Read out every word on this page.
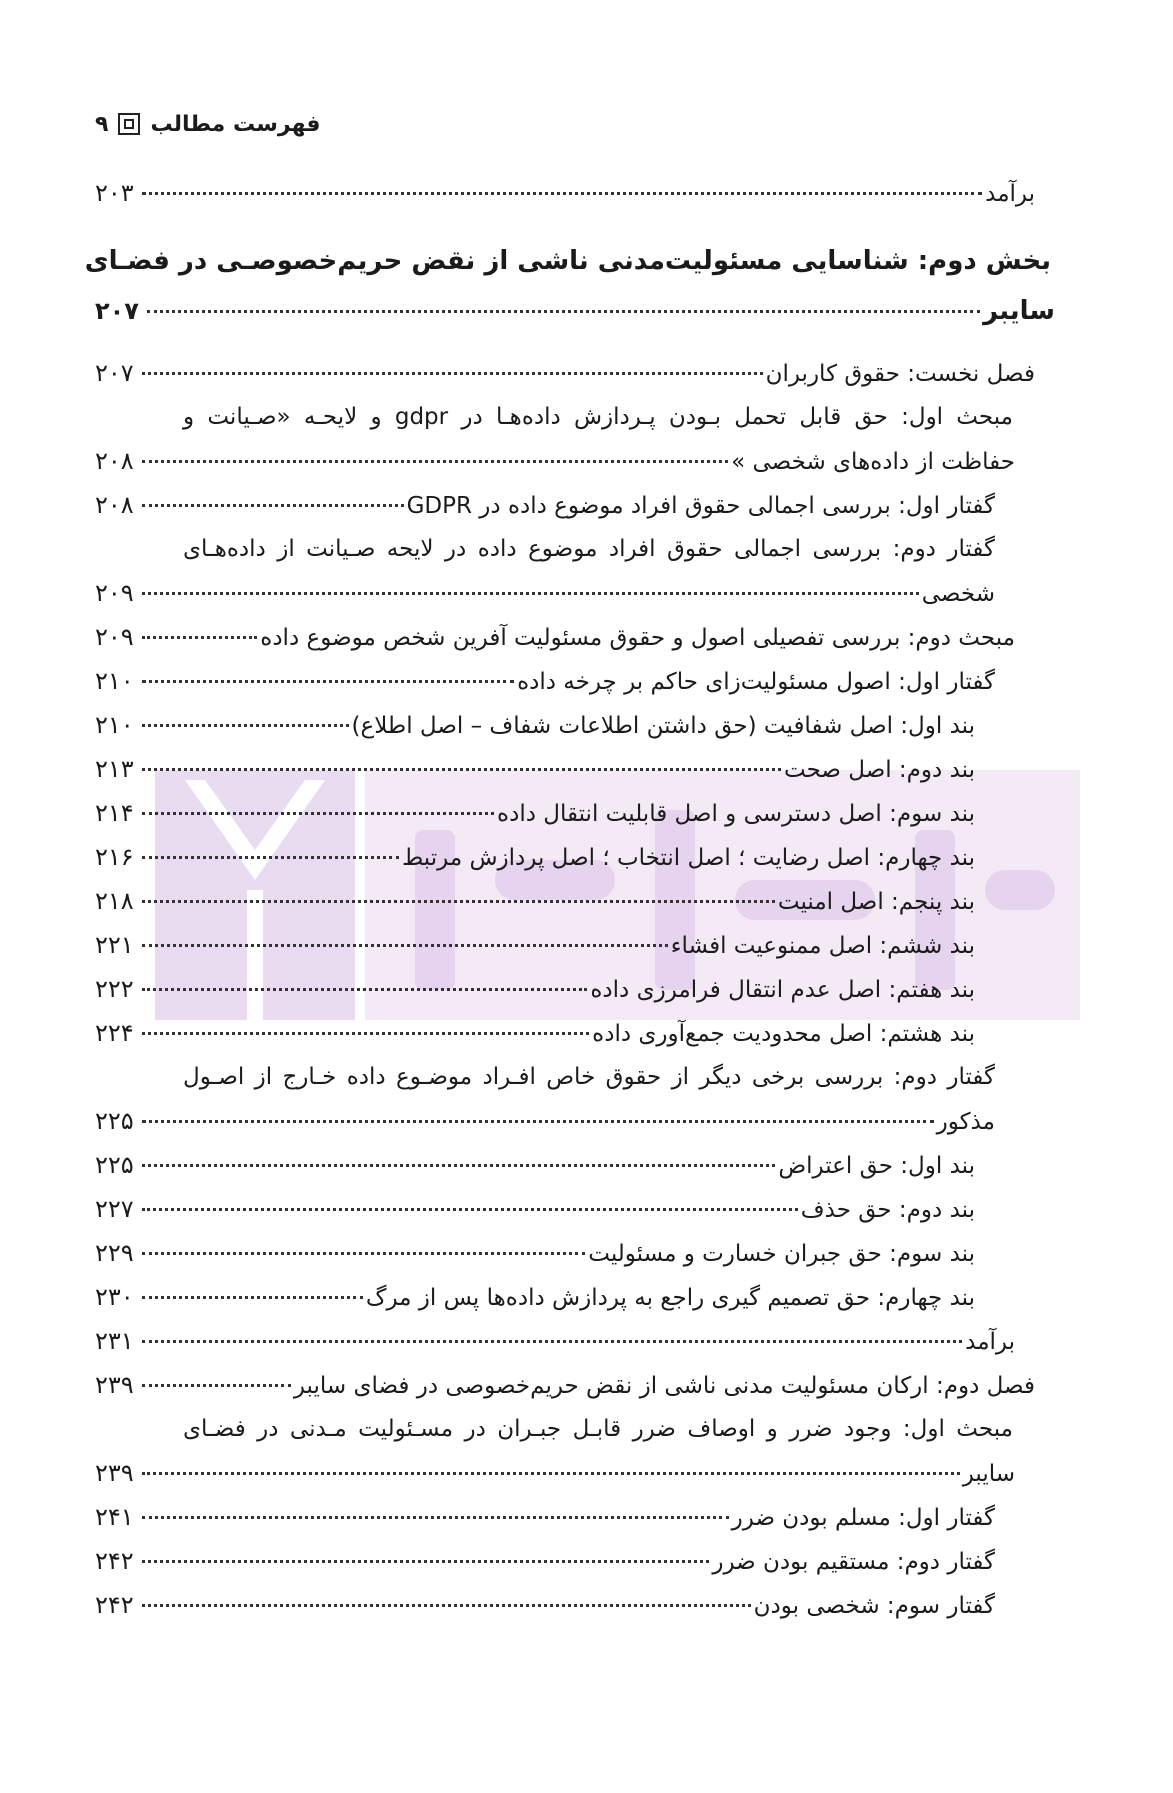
۹ فهرست مطالب
۲۰۳	برآمد
بخش دوم: شناسایی مسئولیت‌مدنی ناشی از نقض حریم‌خصوصـی در فضـای
۲۰۷	سایبر
۲۰۷	فصل نخست: حقوق کاربران
مبحث اول: حق قابل تحمل بـودن پـردازش داده‌هـا در gdpr و لایحـه «صـیانت و
۲۰۸	حفاظت از داده‌های شخصی »
۲۰۸	گفتار اول: بررسی اجمالی حقوق افراد موضوع داده در GDPR
گفتار دوم: بررسی اجمالی حقوق افراد موضوع داده در لایحه صـیانت از داده‌هـای
۲۰۹	شخصی
۲۰۹	مبحث دوم: بررسی تفصیلی اصول و حقوق مسئولیت آفرین شخص موضوع داده
۲۱۰	گفتار اول: اصول مسئولیت‌زای حاکم بر چرخه داده
۲۱۰	بند اول: اصل شفافیت (حق داشتن اطلاعات شفاف – اصل اطلاع)
۲۱۳	بند دوم: اصل صحت
۲۱۴	بند سوم: اصل دسترسی و اصل قابلیت انتقال داده
۲۱۶	بند چهارم: اصل رضایت ؛ اصل انتخاب ؛ اصل پردازش مرتبط
۲۱۸	بند پنجم: اصل امنیت
۲۲۱	بند ششم: اصل ممنوعیت افشاء
۲۲۲	بند هفتم: اصل عدم انتقال فرامرزی داده
۲۲۴	بند هشتم: اصل محدودیت جمع‌آوری داده
گفتار دوم: بررسی برخی دیگر از حقوق خاص افـراد موضـوع داده خـارج از اصـول
۲۲۵	مذکور
۲۲۵	بند اول: حق اعتراض
۲۲۷	بند دوم: حق حذف
۲۲۹	بند سوم: حق جبران خسارت و مسئولیت
۲۳۰	بند چهارم: حق تصمیم گیری راجع به پردازش داده‌ها پس از مرگ
۲۳۱	برآمد
۲۳۹	فصل دوم: ارکان مسئولیت مدنی ناشی از نقض حریم‌خصوصی در فضای سایبر
مبحث اول: وجود ضرر و اوصاف ضرر قابـل جبـران در مسـئولیت مـدنی در فضـای
۲۳۹	سایبر
۲۴۱	گفتار اول: مسلم بودن ضرر
۲۴۲	گفتار دوم: مستقیم بودن ضرر
۲۴۲	گفتار سوم: شخصی بودن
